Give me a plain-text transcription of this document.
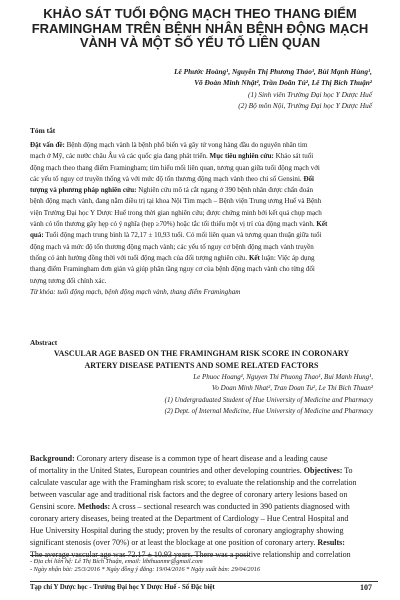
KHẢO SÁT TUỔI ĐỘNG MẠCH THEO THANG ĐIỂM
FRAMINGHAM TRÊN BỆNH NHÂN BỆNH ĐỘNG MẠCH
VÀNH VÀ MỘT SỐ YẾU TỐ LIÊN QUAN
Lê Phước Hoàng¹, Nguyễn Thị Phương Thảo¹, Bùi Mạnh Hùng¹,
Võ Đoàn Minh Nhật², Trần Doãn Tú², Lê Thị Bích Thuận²
(1) Sinh viên Trường Đại học Y Dược Huế
(2) Bộ môn Nội, Trường Đại học Y Dược Huế
Tóm tắt
Đặt vấn đề: Bệnh động mạch vành là bệnh phổ biến và gây tử vong hàng đầu do nguyên nhân tim
mạch ở Mỹ, các nước châu Âu và các quốc gia đang phát triển. Mục tiêu nghiên cứu: Khảo sát tuổi
động mạch theo thang điểm Framingham; tìm hiểu mối liên quan, tương quan giữa tuổi động mạch với
các yếu tố nguy cơ truyền thống và với mức độ tổn thương động mạch vành theo chỉ số Gensini. Đối
tượng và phương pháp nghiên cứu: Nghiên cứu mô tả cắt ngang ở 390 bệnh nhân được chẩn đoán
bệnh động mạch vành, đang nằm điều trị tại khoa Nội Tim mạch – Bệnh viện Trung ương Huế và Bệnh
viện Trường Đại học Y Dược Huế trong thời gian nghiên cứu; được chứng minh bởi kết quả chụp mạch
vành có tổn thương gây hẹp có ý nghĩa (hẹp ≥70%) hoặc tắc tối thiểu một vị trí của động mạch vành. Kết
quả: Tuổi động mạch trung bình là 72,17 ± 10,93 tuổi. Có mối liên quan và tương quan thuận giữa tuổi
động mạch và mức độ tổn thương động mạch vành; các yếu tố nguy cơ bệnh động mạch vành truyền
thống có ảnh hưởng đồng thời với tuổi động mạch của đối tượng nghiên cứu. Kết luận: Việc áp dụng
thang điểm Framingham đơn giản và giúp phân tầng nguy cơ của bệnh động mạch vành cho từng đối
tượng tương đối chính xác.
Từ khóa: tuổi động mạch, bệnh động mạch vành, thang điểm Framingham
Abstract
VASCULAR AGE BASED ON THE FRAMINGHAM RISK SCORE IN CORONARY
ARTERY DISEASE PATIENTS AND SOME RELATED FACTORS
Le Phuoc Hoang¹, Nguyen Thi Phuong Thao¹, Bui Manh Hung¹,
Vo Doan Minh Nhat², Tran Doan Tu², Le Thi Bich Thuan²
(1) Undergraduated Student of Hue University of Medicine and Pharmacy
(2) Dept. of Internal Medicine, Hue University of Medicine and Pharmacy
Background: Coronary artery disease is a common type of heart disease and a leading cause
of mortality in the United States, European countries and other developing countries. Objectives: To
calculate vascular age with the Framingham risk score; to evaluate the relationship and the correlation
between vascular age and traditional risk factors and the degree of coronary artery lesions based on
Gensini score. Methods: A cross – sectional research was conducted in 390 patients diagnosed with
coronary artery diseases, being treated at the Department of Cardiology – Hue Central Hospital and
Hue University Hospital during the study; proven by the results of coronary angiography showing
significant stenosis (over 70%) or at least the blockage at one position of coronary artery. Results:
The average vascular age was 72.17 ± 10.93 years. There was a positive relationship and correlation
- Địa chỉ liên hệ: Lê Thị Bích Thuận, email: ltbthuanmr@gmail.com
- Ngày nhận bài: 25/3/2016 * Ngày đồng ý đăng: 19/04/2016 * Ngày xuất bản: 29/04/2016
Tạp chí Y Dược học - Trường Đại học Y Dược Huế - Số Đặc biệt	107
